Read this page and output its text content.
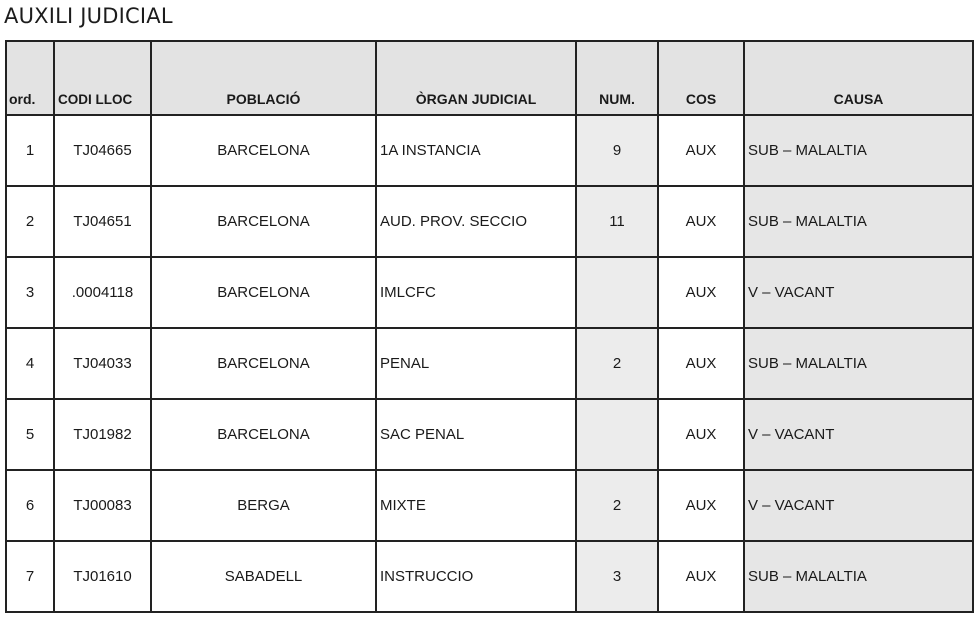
AUXILI JUDICIAL
ord.	CODI LLOC	POBLACIÓ	ÒRGAN JUDICIAL	NUM.	COS	CAUSA
1	TJ04665	BARCELONA	1A INSTANCIA	9	AUX	SUB – MALALTIA
2	TJ04651	BARCELONA	AUD. PROV. SECCIO	11	AUX	SUB – MALALTIA
3	.0004118	BARCELONA	IMLCFC		AUX	V – VACANT
4	TJ04033	BARCELONA	PENAL	2	AUX	SUB – MALALTIA
5	TJ01982	BARCELONA	SAC PENAL		AUX	V – VACANT
6	TJ00083	BERGA	MIXTE	2	AUX	V – VACANT
7	TJ01610	SABADELL	INSTRUCCIO	3	AUX	SUB – MALALTIA
